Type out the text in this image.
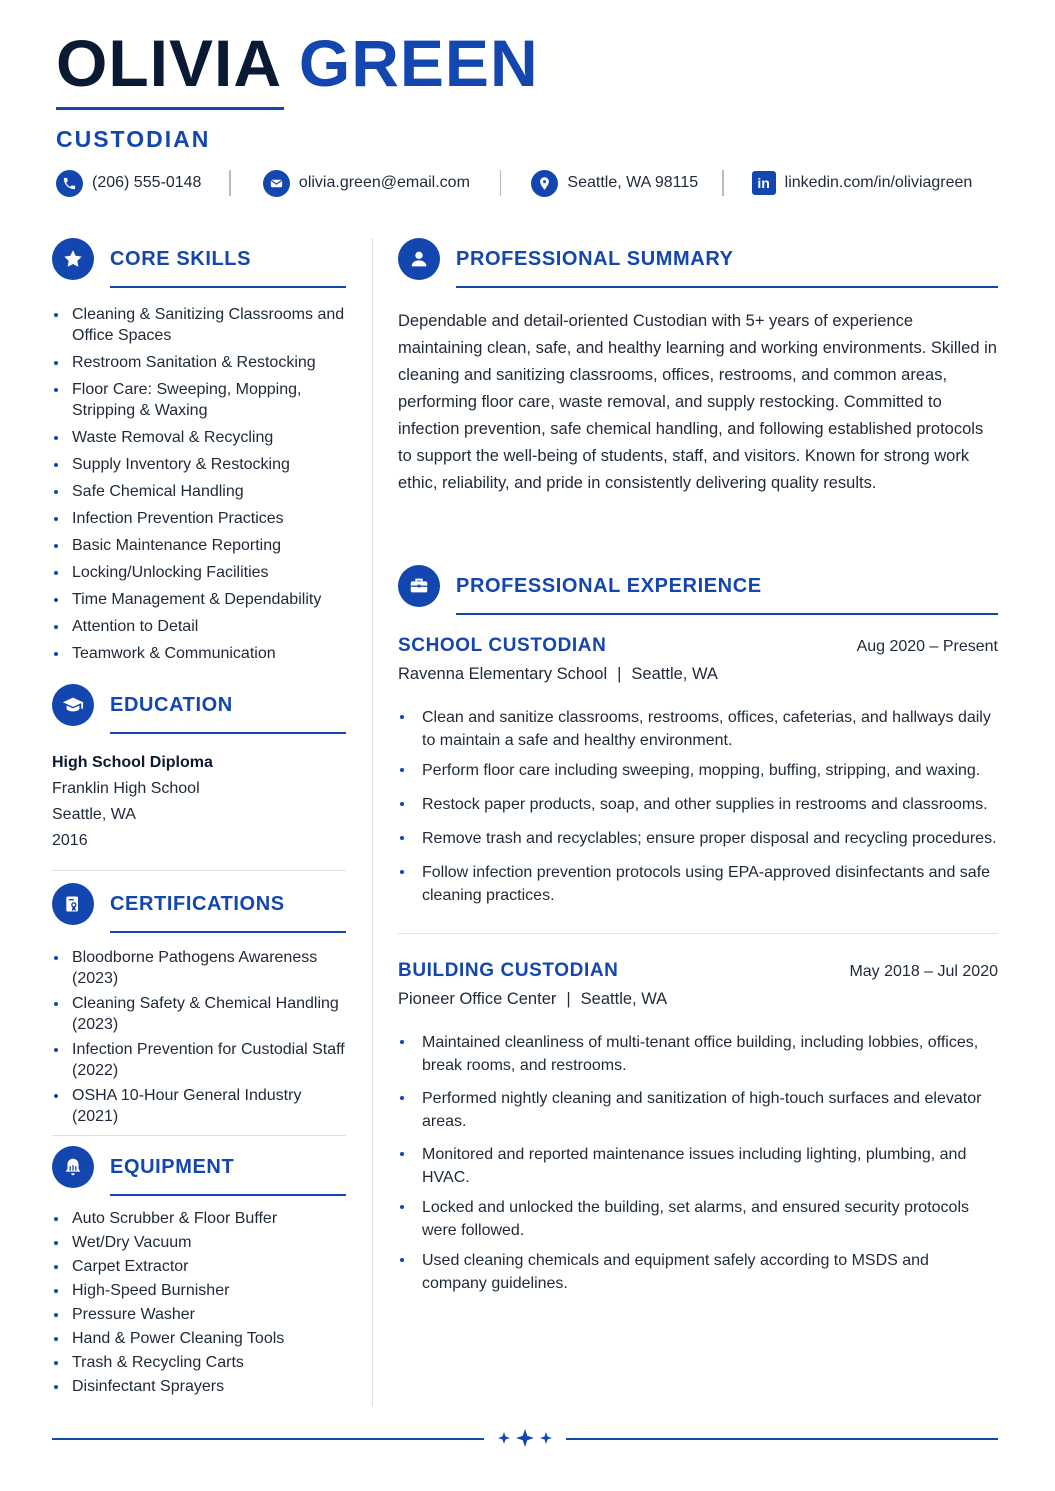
OLIVIA GREEN
CUSTODIAN
(206) 555-0148	olivia.green@email.com	Seattle, WA 98115	in linkedin.com/in/oliviagreen
CORE SKILLS
Cleaning & Sanitizing Classrooms and Office Spaces
Restroom Sanitation & Restocking
Floor Care: Sweeping, Mopping, Stripping & Waxing
Waste Removal & Recycling
Supply Inventory & Restocking
Safe Chemical Handling
Infection Prevention Practices
Basic Maintenance Reporting
Locking/Unlocking Facilities
Time Management & Dependability
Attention to Detail
Teamwork & Communication
EDUCATION
High School Diploma
Franklin High School
Seattle, WA
2016
CERTIFICATIONS
Bloodborne Pathogens Awareness (2023)
Cleaning Safety & Chemical Handling (2023)
Infection Prevention for Custodial Staff (2022)
OSHA 10-Hour General Industry (2021)
EQUIPMENT
Auto Scrubber & Floor Buffer
Wet/Dry Vacuum
Carpet Extractor
High-Speed Burnisher
Pressure Washer
Hand & Power Cleaning Tools
Trash & Recycling Carts
Disinfectant Sprayers
PROFESSIONAL SUMMARY

Dependable and detail-oriented Custodian with 5+ years of experience maintaining clean, safe, and healthy learning and working environments. Skilled in cleaning and sanitizing classrooms, offices, restrooms, and common areas, performing floor care, waste removal, and supply restocking. Committed to infection prevention, safe chemical handling, and following established protocols to support the well-being of students, staff, and visitors. Known for strong work ethic, reliability, and pride in consistently delivering quality results.

PROFESSIONAL EXPERIENCE
SCHOOL CUSTODIAN	Aug 2020 – Present
Ravenna Elementary School | Seattle, WA
Clean and sanitize classrooms, restrooms, offices, cafeterias, and hallways daily to maintain a safe and healthy environment.
Perform floor care including sweeping, mopping, buffing, stripping, and waxing.
Restock paper products, soap, and other supplies in restrooms and classrooms.
Remove trash and recyclables; ensure proper disposal and recycling procedures.
Follow infection prevention protocols using EPA-approved disinfectants and safe cleaning practices.
BUILDING CUSTODIAN	May 2018 – Jul 2020
Pioneer Office Center | Seattle, WA
Maintained cleanliness of multi-tenant office building, including lobbies, offices, break rooms, and restrooms.
Performed nightly cleaning and sanitization of high-touch surfaces and elevator areas.
Monitored and reported maintenance issues including lighting, plumbing, and HVAC.
Locked and unlocked the building, set alarms, and ensured security protocols were followed.
Used cleaning chemicals and equipment safely according to MSDS and company guidelines.
